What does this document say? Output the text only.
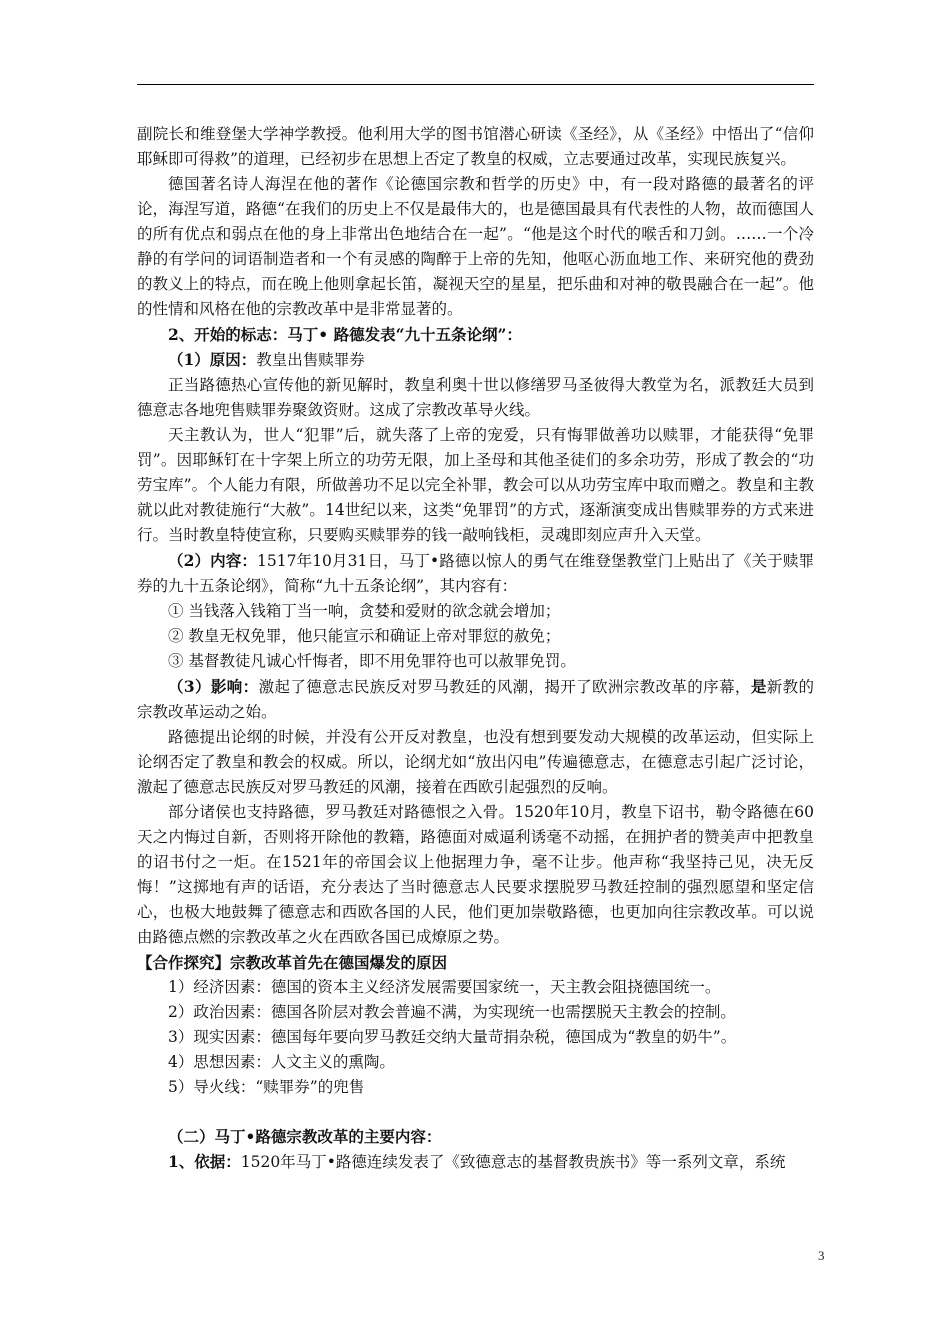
副院长和维登堡大学神学教授。他利用大学的图书馆潜心研读《圣经》，从《圣经》中悟出了“信仰耶稣即可得救”的道理，已经初步在思想上否定了教皇的权威，立志要通过改革，实现民族复兴。

德国著名诗人海涅在他的著作《论德国宗教和哲学的历史》中，有一段对路德的最著名的评论，海涅写道，路德“在我们的历史上不仅是最伟大的，也是德国最具有代表性的人物，故而德国人的所有优点和弱点在他的身上非常出色地结合在一起”。“他是这个时代的喉舌和刀剑。……一个冷静的有学问的词语制造者和一个有灵感的陶醉于上帝的先知，他呕心沥血地工作、来研究他的费劲的教义上的特点，而在晚上他则拿起长笛，凝视天空的星星，把乐曲和对神的敬畏融合在一起”。他的性情和风格在他的宗教改革中是非常显著的。

2、开始的标志：马丁• 路德发表“九十五条论纲”：

（1）原因：教皇出售赎罪券

正当路德热心宣传他的新见解时，教皇利奥十世以修缮罗马圣彼得大教堂为名，派教廷大员到德意志各地兜售赎罪券聚敛资财。这成了宗教改革导火线。

天主教认为，世人“犯罪”后，就失落了上帝的宠爱，只有悔罪做善功以赎罪，才能获得“免罪罚”。因耶稣钉在十字架上所立的功劳无限，加上圣母和其他圣徒们的多余功劳，形成了教会的“功劳宝库”。个人能力有限，所做善功不足以完全补罪，教会可以从功劳宝库中取而赠之。教皇和主教就以此对教徒施行“大赦”。14世纪以来，这类“免罪罚”的方式，逐渐演变成出售赎罪券的方式来进行。当时教皇特使宣称，只要购买赎罪券的钱一敲响钱柜，灵魂即刻应声升入天堂。

（2）内容：1517年10月31日，马丁•路德以惊人的勇气在维登堡教堂门上贴出了《关于赎罪券的九十五条论纲》，简称“九十五条论纲”，其内容有：

① 当钱落入钱箱丁当一响，贪婪和爱财的欲念就会增加；

② 教皇无权免罪，他只能宣示和确证上帝对罪愆的赦免；

③ 基督教徒凡诚心忏悔者，即不用免罪符也可以赦罪免罚。

（3）影响：激起了德意志民族反对罗马教廷的风潮，揭开了欧洲宗教改革的序幕，是新教的宗教改革运动之始。

路德提出论纲的时候，并没有公开反对教皇，也没有想到要发动大规模的改革运动，但实际上论纲否定了教皇和教会的权威。所以，论纲尤如“放出闪电”传遍德意志，在德意志引起广泛讨论，激起了德意志民族反对罗马教廷的风潮，接着在西欧引起强烈的反响。

部分诸侯也支持路德，罗马教廷对路德恨之入骨。1520年10月，教皇下诏书，勒令路德在60天之内悔过自新，否则将开除他的教籍，路德面对威逼利诱毫不动摇，在拥护者的赞美声中把教皇的诏书付之一炬。在1521年的帝国会议上他据理力争，毫不让步。他声称“我坚持己见，决无反悔！”这掷地有声的话语，充分表达了当时德意志人民要求摆脱罗马教廷控制的强烈愿望和坚定信心，也极大地鼓舞了德意志和西欧各国的人民，他们更加崇敬路德，也更加向往宗教改革。可以说由路德点燃的宗教改革之火在西欧各国已成燎原之势。

【合作探究】宗教改革首先在德国爆发的原因

1）经济因素：德国的资本主义经济发展需要国家统一，天主教会阻挠德国统一。

2）政治因素：德国各阶层对教会普遍不满，为实现统一也需摆脱天主教会的控制。

3）现实因素：德国每年要向罗马教廷交纳大量苛捐杂税，德国成为“教皇的奶牛”。

4）思想因素：人文主义的熏陶。

5）导火线：“赎罪券”的兜售

（二）马丁•路德宗教改革的主要内容：

1、依据：1520年马丁•路德连续发表了《致德意志的基督教贵族书》等一系列文章，系统

3
